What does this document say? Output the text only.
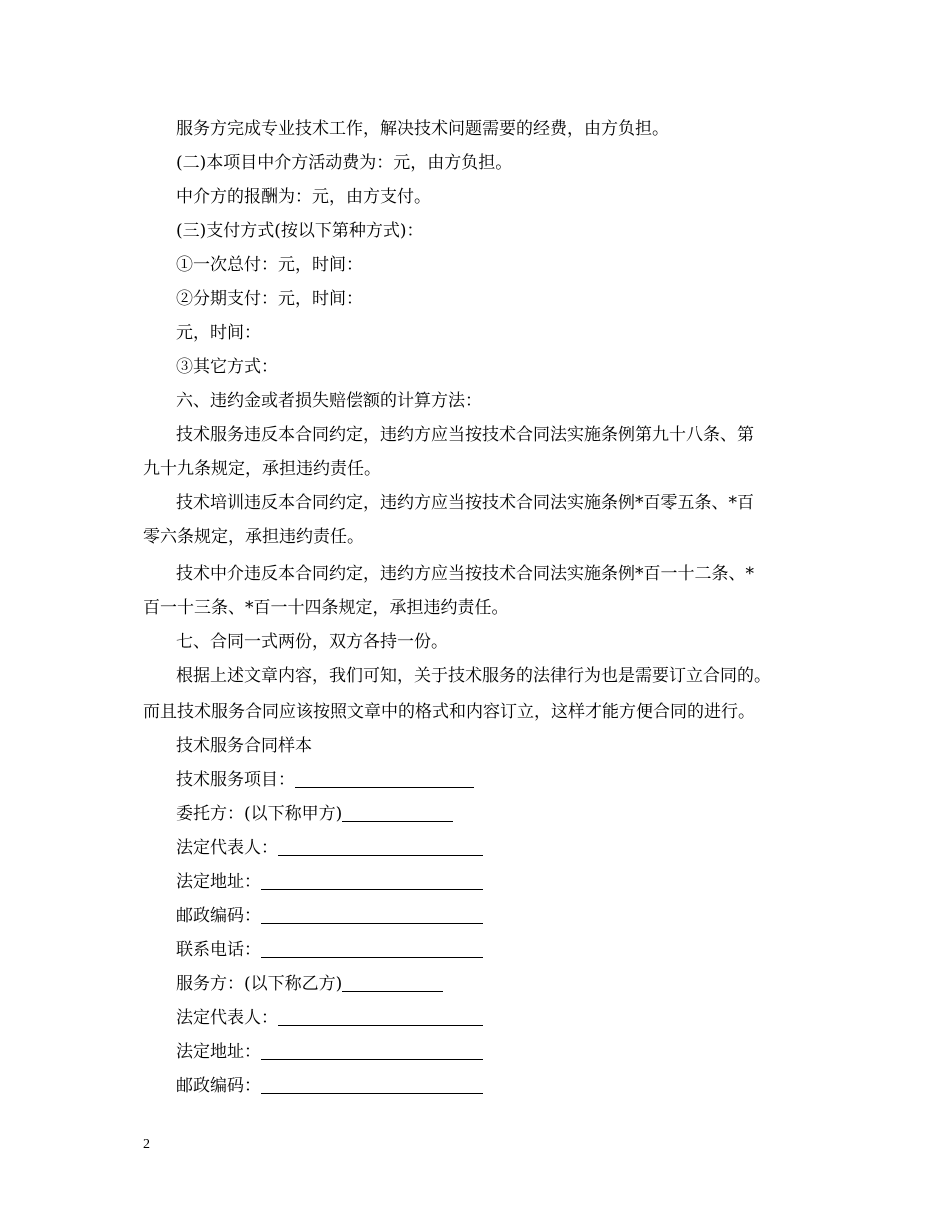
服务方完成专业技术工作，解决技术问题需要的经费，由方负担。
(二)本项目中介方活动费为：元，由方负担。
中介方的报酬为：元，由方支付。
(三)支付方式(按以下第种方式)：
①一次总付：元，时间：
②分期支付：元，时间：
元，时间：
③其它方式：
六、违约金或者损失赔偿额的计算方法：
技术服务违反本合同约定，违约方应当按技术合同法实施条例第九十八条、第
九十九条规定，承担违约责任。
技术培训违反本合同约定，违约方应当按技术合同法实施条例*百零五条、*百
零六条规定，承担违约责任。
技术中介违反本合同约定，违约方应当按技术合同法实施条例*百一十二条、*
百一十三条、*百一十四条规定，承担违约责任。
七、合同一式两份，双方各持一份。
根据上述文章内容，我们可知，关于技术服务的法律行为也是需要订立合同的。
而且技术服务合同应该按照文章中的格式和内容订立，这样才能方便合同的进行。
技术服务合同样本
技术服务项目：
委托方：(以下称甲方)
法定代表人：
法定地址：
邮政编码：
联系电话：
服务方：(以下称乙方)
法定代表人：
法定地址：
邮政编码：
2
